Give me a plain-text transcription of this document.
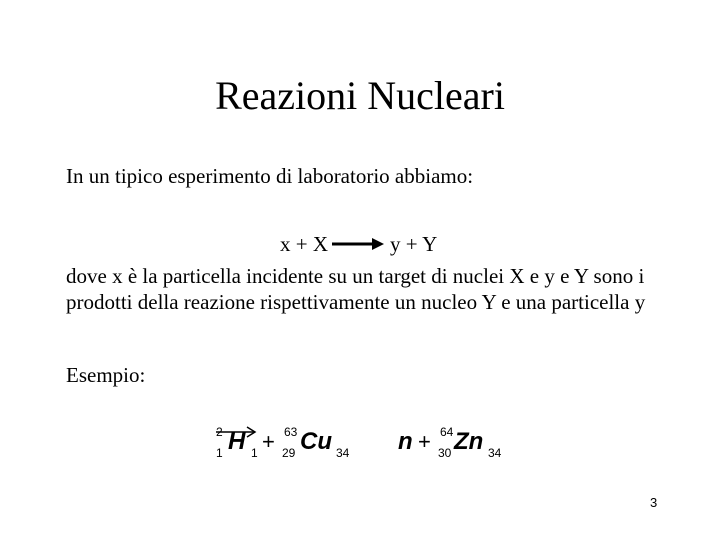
Reazioni Nucleari
In un tipico esperimento di laboratorio abbiamo:
x + X	y + Y
dove x è la particella incidente su un target di nuclei X e y e Y sono i prodotti della reazione rispettivamente un nucleo Y e una particella y
Esempio:
2
1 H 1 + 63
29 Cu 34 n + 64
30 Zn 34
3
